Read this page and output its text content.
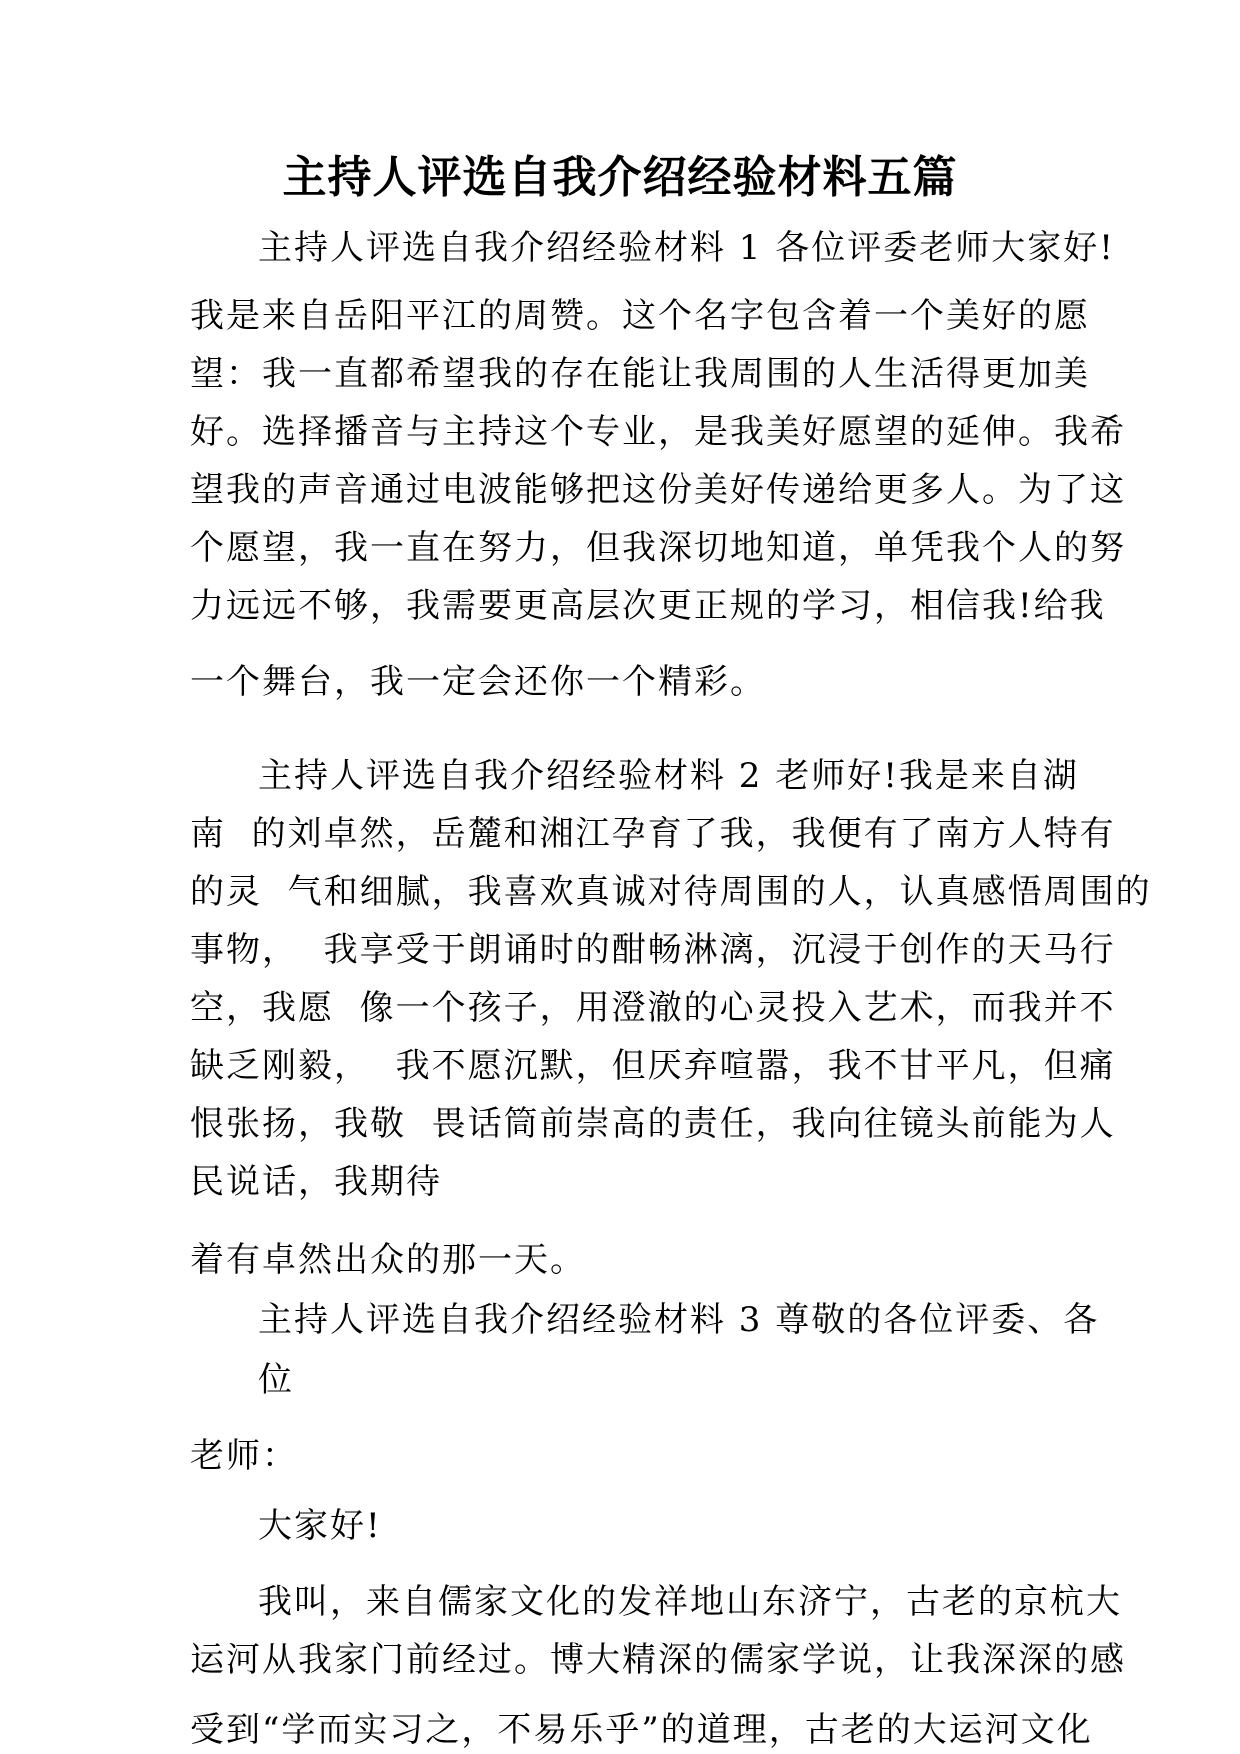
主持人评选自我介绍经验材料五篇
主持人评选自我介绍经验材料 1 各位评委老师大家好!
我是来自岳阳平江的周赞。这个名字包含着一个美好的愿
望：我一直都希望我的存在能让我周围的人生活得更加美
好。选择播音与主持这个专业，是我美好愿望的延伸。我希
望我的声音通过电波能够把这份美好传递给更多人。为了这
个愿望，我一直在努力，但我深切地知道，单凭我个人的努
力远远不够，我需要更高层次更正规的学习，相信我!给我
一个舞台，我一定会还你一个精彩。
主持人评选自我介绍经验材料 2 老师好!我是来自湖
南  的刘卓然，岳麓和湘江孕育了我，我便有了南方人特有
的灵  气和细腻，我喜欢真诚对待周围的人，认真感悟周围的
事物，  我享受于朗诵时的酣畅淋漓，沉浸于创作的天马行
空，我愿  像一个孩子，用澄澈的心灵投入艺术，而我并不
缺乏刚毅，  我不愿沉默，但厌弃喧嚣，我不甘平凡，但痛
恨张扬，我敬  畏话筒前崇高的责任，我向往镜头前能为人
民说话，我期待
着有卓然出众的那一天。
主持人评选自我介绍经验材料 3 尊敬的各位评委、各
位
老师：
大家好!
我叫，来自儒家文化的发祥地山东济宁，古老的京杭大
运河从我家门前经过。博大精深的儒家学说，让我深深的感
受到“学而实习之，不易乐乎”的道理，古老的大运河文化
